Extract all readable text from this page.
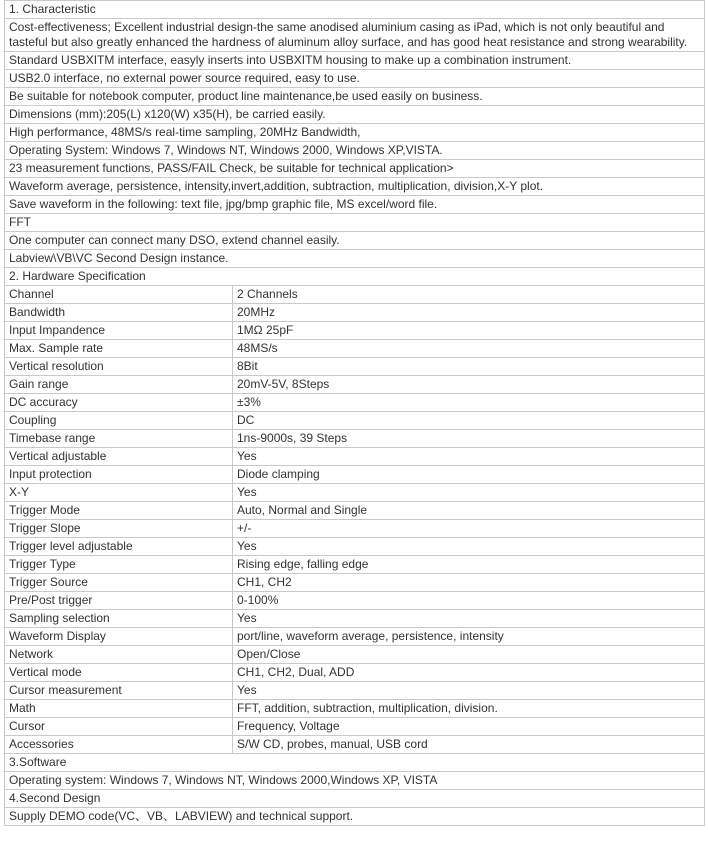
1. Characteristic	
Cost-effectiveness; Excellent industrial design-the same anodised aluminium casing as iPad, which is not only beautiful and tasteful but also greatly enhanced the hardness of aluminum alloy surface, and has good heat resistance and strong wearability.	
Standard USBXITM interface, easyly inserts into USBXITM housing to make up a combination instrument.	
USB2.0 interface, no external power source required, easy to use.	
Be suitable for notebook computer, product line maintenance,be used easily on business.	
Dimensions (mm):205(L) x120(W) x35(H), be carried easily.	
High performance, 48MS/s real-time sampling, 20MHz Bandwidth,	
Operating System: Windows 7, Windows NT, Windows 2000, Windows XP,VISTA.	
23 measurement functions, PASS/FAIL Check, be suitable for technical application>	
Waveform average, persistence, intensity,invert,addition, subtraction, multiplication, division,X-Y plot.	
Save waveform in the following: text file, jpg/bmp graphic file, MS excel/word file.	
FFT	
One computer can connect many DSO, extend channel easily.	
Labview\VB\VC Second Design instance.	
2. Hardware Specification	
Channel	2 Channels
Bandwidth	20MHz
Input Impandence	1MΩ 25pF
Max. Sample rate	48MS/s
Vertical resolution	8Bit
Gain range	20mV-5V, 8Steps
DC accuracy	±3%
Coupling	DC
Timebase range	1ns-9000s, 39 Steps
Vertical adjustable	Yes
Input protection	Diode clamping
X-Y	Yes
Trigger Mode	Auto, Normal and Single
Trigger Slope	+/-
Trigger level adjustable	Yes
Trigger Type	Rising edge, falling edge
Trigger Source	CH1, CH2
Pre/Post trigger	0-100%
Sampling selection	Yes
Waveform Display	port/line, waveform average, persistence, intensity
Network	Open/Close
Vertical mode	CH1, CH2, Dual, ADD
Cursor measurement	Yes
Math	FFT, addition, subtraction, multiplication, division.
Cursor	Frequency, Voltage
Accessories	S/W CD, probes, manual, USB cord
3.Software	
Operating system: Windows 7, Windows NT, Windows 2000,Windows XP, VISTA	
4.Second Design	
Supply DEMO code(VC、VB、LABVIEW) and technical support.	
